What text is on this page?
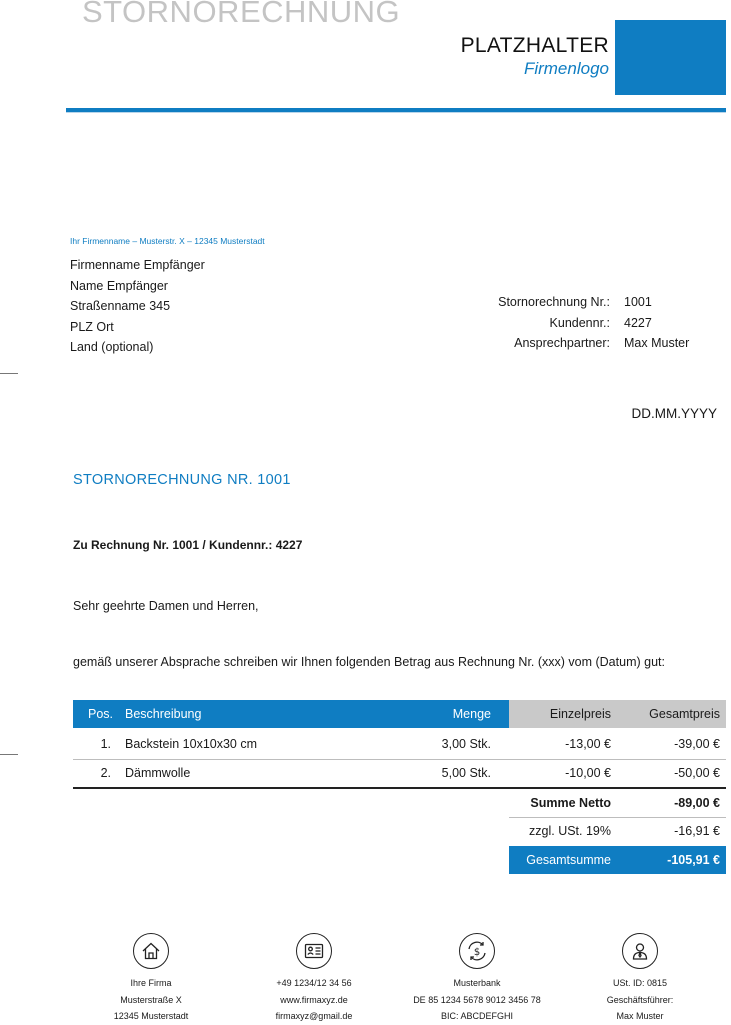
STORNORECHNUNG
PLATZHALTER
Firmenlogo
Ihr Firmenname – Musterstr. X – 12345 Musterstadt
Firmenname Empfänger
Name Empfänger
Straßenname 345
PLZ Ort
Land (optional)
Stornorechnung Nr.: 1001
Kundennr.: 4227
Ansprechpartner: Max Muster
DD.MM.YYYY
STORNORECHNUNG NR. 1001
Zu Rechnung Nr. 1001 / Kundennr.: 4227
Sehr geehrte Damen und Herren,
gemäß unserer Absprache schreiben wir Ihnen folgenden Betrag aus Rechnung Nr. (xxx) vom (Datum) gut:
Pos. Beschreibung	Menge	Einzelpreis	Gesamtpreis
1. Backstein 10x10x30 cm	3,00 Stk.	-13,00 €	-39,00 €
2. Dämmwolle	5,00 Stk.	-10,00 €	-50,00 €
Summe Netto	-89,00 €
zzgl. USt. 19%	-16,91 €
Gesamtsumme	-105,91 €
$
Ihre Firma
Musterstraße X
12345 Musterstadt
+49 1234/12 34 56
www.firmaxyz.de
firmaxyz@gmail.de
Musterbank
DE 85 1234 5678 9012 3456 78
BIC: ABCDEFGHI
USt. ID: 0815
Geschäftsführer:
Max Muster
